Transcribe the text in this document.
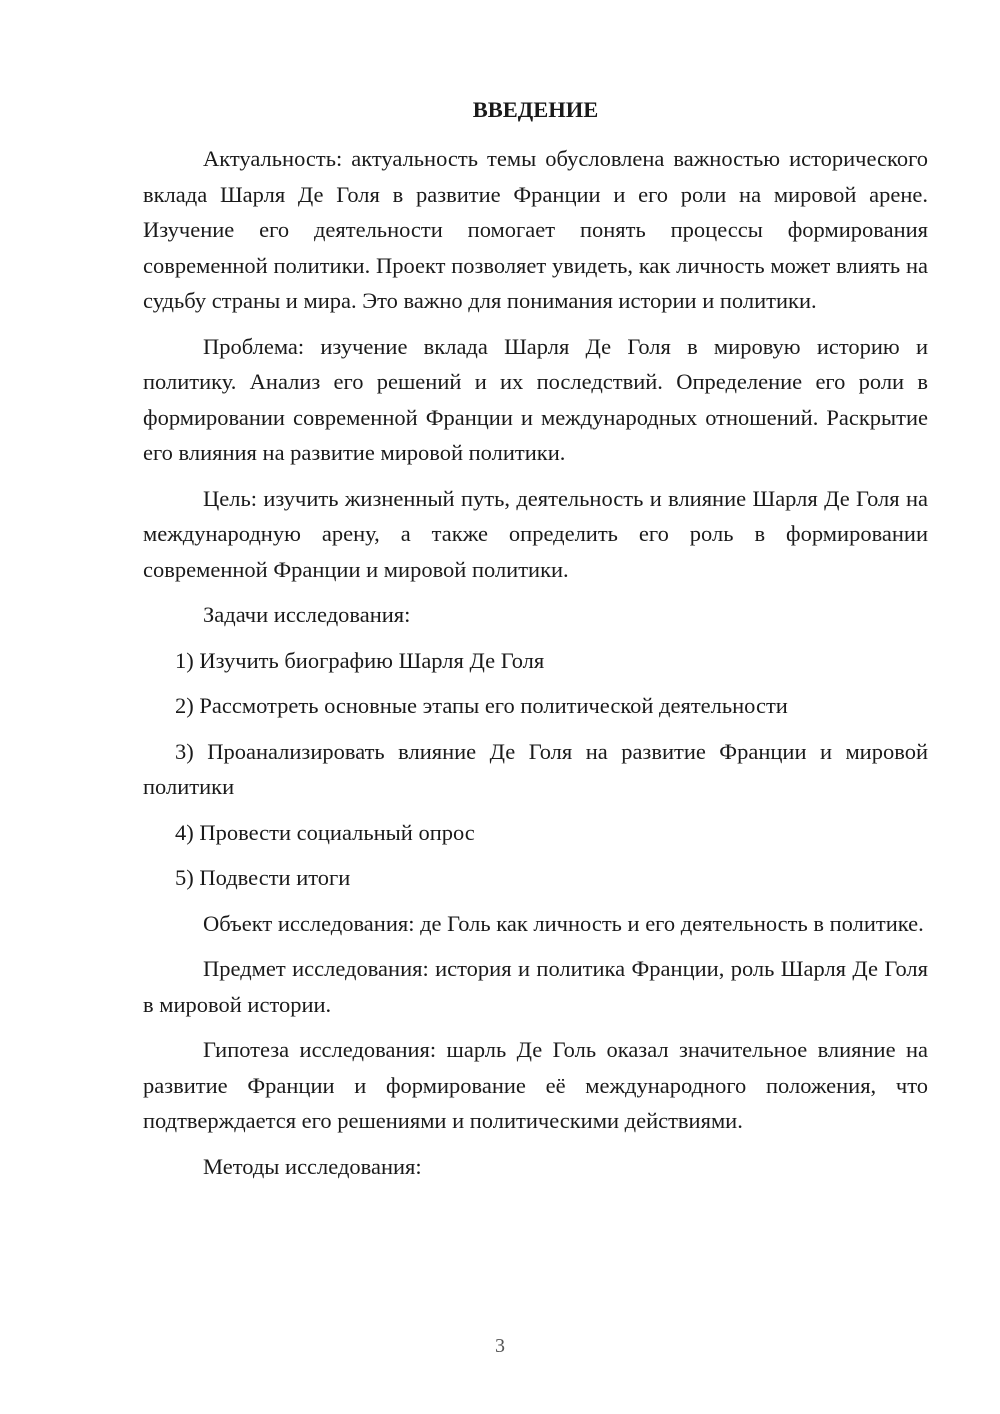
ВВЕДЕНИЕ

Актуальность: актуальность темы обусловлена важностью исторического вклада Шарля Де Голя в развитие Франции и его роли на мировой арене. Изучение его деятельности помогает понять процессы формирования современной политики. Проект позволяет увидеть, как личность может влиять на судьбу страны и мира. Это важно для понимания истории и политики.

Проблема: изучение вклада Шарля Де Голя в мировую историю и политику. Анализ его решений и их последствий. Определение его роли в формировании современной Франции и международных отношений. Раскрытие его влияния на развитие мировой политики.

Цель: изучить жизненный путь, деятельность и влияние Шарля Де Голя на международную арену, а также определить его роль в формировании современной Франции и мировой политики.

Задачи исследования:

1) Изучить биографию Шарля Де Голя

2) Рассмотреть основные этапы его политической деятельности

3) Проанализировать влияние Де Голя на развитие Франции и мировой политики

4) Провести социальный опрос

5) Подвести итоги

Объект исследования: де Голь как личность и его деятельность в политике.

Предмет исследования: история и политика Франции, роль Шарля Де Голя в мировой истории.

Гипотеза исследования: шарль Де Голь оказал значительное влияние на развитие Франции и формирование её международного положения, что подтверждается его решениями и политическими действиями.

Методы исследования:

3
